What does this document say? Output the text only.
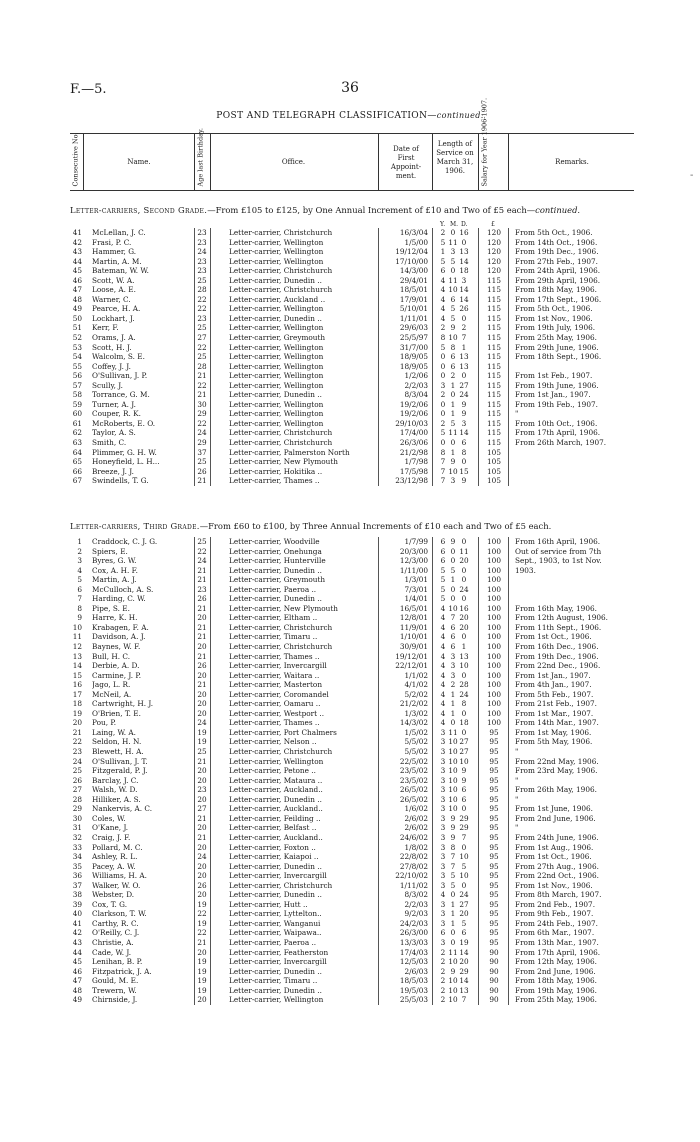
F.—5.	36
POST AND TELEGRAPH CLASSIFICATION—continued.
Consecutive No.	Name.	Age last Birthday.	Office.
Date of First Appoint-ment.
Length of Service on March 31, 1906.	Salary for Year 1906-1907.	Remarks.
Letter-carriers, Second Grade.—From £105 to £125, by One Annual Increment of £10 and Two of £5 each—continued.
Y. M. D.	£
41 McLellan, J. C.	23	Letter-carrier, Christchurch	16/3/04	2 0 16	120	From 5th Oct., 1906.
42 Frasi, P. C.	23	Letter-carrier, Wellington	1/5/00	5 11 0	120	From 14th Oct., 1906.
43 Hammer, G.	24	Letter-carrier, Wellington	19/12/04	1 3 13	120	From 19th Dec., 1906.
44 Martin, A. M.	23	Letter-carrier, Wellington	17/10/00	5 5 14	120	From 27th Feb., 1907.
45 Bateman, W. W.	23	Letter-carrier, Christchurch	14/3/00	6 0 18	120	From 24th April, 1906.
46 Scott, W. A.	25	Letter-carrier, Dunedin ..	29/4/01	4 11 3	115	From 29th April, 1906.
47 Loose, A. E.	28	Letter-carrier, Christchurch	18/5/01	4 10 14	115	From 18th May, 1906.
48 Warner, C.	22	Letter-carrier, Auckland ..	17/9/01	4 6 14	115	From 17th Sept., 1906.
49 Pearce, H. A.	22	Letter-carrier, Wellington	5/10/01	4 5 26	115	From 5th Oct., 1906.
50 Lockhart, J.	23	Letter-carrier, Dunedin ..	1/11/01	4 5 0	115	From 1st Nov., 1906.
51 Kerr, F.	25	Letter-carrier, Wellington	29/6/03	2 9 2	115	From 19th July, 1906.
52 Orams, J. A.	27	Letter-carrier, Greymouth	25/5/97	8 10 7	115	From 25th May, 1906.
53 Scott, H. J.	22	Letter-carrier, Wellington	31/7/00	5 8 1	115	From 29th June, 1906.
54 Walcolm, S. E.	25	Letter-carrier, Wellington	18/9/05	0 6 13	115	From 18th Sept., 1906.
55 Coffey, J. J.	28	Letter-carrier, Wellington	18/9/05	0 6 13	115
56 O'Sullivan, J. P.	21	Letter-carrier, Wellington	1/2/06	0 2 0	115	From 1st Feb., 1907.
57 Scully, J.	22	Letter-carrier, Wellington	2/2/03	3 1 27	115	From 19th June, 1906.
58 Torrance, G. M.	21	Letter-carrier, Dunedin ..	8/3/04	2 0 24	115	From 1st Jan., 1907.
59 Turner, A. J.	30	Letter-carrier, Wellington	19/2/06	0 1 9	115	From 19th Feb., 1907.
60 Couper, R. K.	29	Letter-carrier, Wellington	19/2/06	0 1 9	115	"
61 McRoberts, E. O.	22	Letter-carrier, Wellington	29/10/03	2 5 3	115	From 10th Oct., 1906.
62 Taylor, A. S.	24	Letter-carrier, Christchurch	17/4/00	5 11 14	115	From 17th April, 1906.
63 Smith, C.	29	Letter-carrier, Christchurch	26/3/06	0 0 6	115	From 26th March, 1907.
64 Plimmer, G. H. W.	37	Letter-carrier, Palmerston North	21/2/98	8 1 8	105
65 Honeyfield, L. H...	25	Letter-carrier, New Plymouth	1/7/98	7 9 0	105
66 Breeze, J. J.	26	Letter-carrier, Hokitika ..	17/5/98	7 10 15	105
67 Swindells, T. G.	21	Letter-carrier, Thames ..	23/12/98	7 3 9	105
Letter-carriers, Third Grade.—From £60 to £100, by Three Annual Increments of £10 each and Two of £5 each.
1 Craddock, C. J. G.	25	Letter-carrier, Woodville	1/7/99	6 9 0	100	From 16th April, 1906.
2 Spiers, E.	22	Letter-carrier, Onehunga	20/3/00	6 0 11	100	Out of service from 7th
3 Byres, G. W.	24	Letter-carrier, Hunterville	12/3/00	6 0 20	100	Sept., 1903, to 1st Nov.
4 Cox, A. H. F.	21	Letter-carrier, Dunedin ..	1/11/00	5 5 0	100	1903.
5 Martin, A. J.	21	Letter-carrier, Greymouth	1/3/01	5 1 0	100
6 McCulloch, A. S.	23	Letter-carrier, Paeroa ..	7/3/01	5 0 24	100
7 Harding, C. W.	26	Letter-carrier, Dunedin ..	1/4/01	5 0 0	100
8 Pipe, S. E.	21	Letter-carrier, New Plymouth	16/5/01	4 10 16	100	From 16th May, 1906.
9 Harre, K. H.	20	Letter-carrier, Eltham ..	12/8/01	4 7 20	100	From 12th August, 1906.
10 Krabagen, F. A.	21	Letter-carrier, Christchurch	11/9/01	4 6 20	100	From 11th Sept., 1906.
11 Davidson, A. J.	21	Letter-carrier, Timaru ..	1/10/01	4 6 0	100	From 1st Oct., 1906.
12 Baynes, W. F.	20	Letter-carrier, Christchurch	30/9/01	4 6 1	100	From 16th Dec., 1906.
13 Bull, H. C.	21	Letter-carrier, Thames ..	19/12/01	4 3 13	100	From 19th Dec., 1906.
14 Derbie, A. D.	26	Letter-carrier, Invercargill	22/12/01	4 3 10	100	From 22nd Dec., 1906.
15 Carmine, J. P.	20	Letter-carrier, Waitara ..	1/1/02	4 3 0	100	From 1st Jan., 1907.
16 Jago, L. R.	21	Letter-carrier, Masterton	4/1/02	4 2 28	100	From 4th Jan., 1907.
17 McNeil, A.	20	Letter-carrier, Coromandel	5/2/02	4 1 24	100	From 5th Feb., 1907.
18 Cartwright, H. J.	20	Letter-carrier, Oamaru ..	21/2/02	4 1 8	100	From 21st Feb., 1907.
19 O'Brien, T. E.	20	Letter-carrier, Westport ..	1/3/02	4 1 0	100	From 1st Mar., 1907.
20 Pou, P.	24	Letter-carrier, Thames ..	14/3/02	4 0 18	100	From 14th Mar., 1907.
21 Laing, W. A.	19	Letter-carrier, Port Chalmers	1/5/02	3 11 0	95	From 1st May, 1906.
22 Seldon, H. N.	19	Letter-carrier, Nelson ..	5/5/02	3 10 27	95	From 5th May, 1906.
23 Blewett, H. A.	25	Letter-carrier, Christchurch	5/5/02	3 10 27	95	"
24 O'Sullivan, J. T.	21	Letter-carrier, Wellington	22/5/02	3 10 10	95	From 22nd May, 1906.
25 Fitzgerald, P. J.	20	Letter-carrier, Petone ..	23/5/02	3 10 9	95	From 23rd May, 1906.
26 Barclay, J. C.	20	Letter-carrier, Mataura ..	23/5/02	3 10 9	95	"
27 Walsh, W. D.	23	Letter-carrier, Auckland..	26/5/02	3 10 6	95	From 26th May, 1906.
28 Hilliker, A. S.	20	Letter-carrier, Dunedin ..	26/5/02	3 10 6	95	"
29 Nankervis, A. C.	27	Letter-carrier, Auckland..	1/6/02	3 10 0	95	From 1st June, 1906.
30 Coles, W.	21	Letter-carrier, Feilding ..	2/6/02	3 9 29	95	From 2nd June, 1906.
31 O'Kane, J.	20	Letter-carrier, Belfast ..	2/6/02	3 9 29	95	"
32 Craig, J. F.	21	Letter-carrier, Auckland..	24/6/02	3 9 7	95	From 24th June, 1906.
33 Pollard, M. C.	20	Letter-carrier, Foxton ..	1/8/02	3 8 0	95	From 1st Aug., 1906.
34 Ashley, R. L.	24	Letter-carrier, Kaiapoi ..	22/8/02	3 7 10	95	From 1st Oct., 1906.
35 Pacey, A. W.	20	Letter-carrier, Dunedin ..	27/8/02	3 7 5	95	From 27th Aug., 1906.
36 Williams, H. A.	20	Letter-carrier, Invercargill	22/10/02	3 5 10	95	From 22nd Oct., 1906.
37 Walker, W. O.	26	Letter-carrier, Christchurch	1/11/02	3 5 0	95	From 1st Nov., 1906.
38 Webster, D.	20	Letter-carrier, Dunedin ..	8/3/02	4 0 24	95	From 8th March, 1907.
39 Cox, T. G.	19	Letter-carrier, Hutt ..	2/2/03	3 1 27	95	From 2nd Feb., 1907.
40 Clarkson, T. W.	22	Letter-carrier, Lyttelton..	9/2/03	3 1 20	95	From 9th Feb., 1907.
41 Carthy, R. C.	19	Letter-carrier, Wanganui	24/2/03	3 1 5	95	From 24th Feb., 1907.
42 O'Reilly, C. J.	22	Letter-carrier, Waipawa..	26/3/00	6 0 6	95	From 6th Mar., 1907.
43 Christie, A.	21	Letter-carrier, Paeroa ..	13/3/03	3 0 19	95	From 13th Mar., 1907.
44 Cade, W. J.	20	Letter-carrier, Featherston	17/4/03	2 11 14	90	From 17th April, 1906.
45 Lenihan, B. P.	19	Letter-carrier, Invercargill	12/5/03	2 10 20	90	From 12th May, 1906.
46 Fitzpatrick, J. A.	19	Letter-carrier, Dunedin ..	2/6/03	2 9 29	90	From 2nd June, 1906.
47 Gould, M. E.	19	Letter-carrier, Timaru ..	18/5/03	2 10 14	90	From 18th May, 1906.
48 Trewern, W.	19	Letter-carrier, Dunedin ..	19/5/03	2 10 13	90	From 19th May, 1906.
49 Chirnside, J.	20	Letter-carrier, Wellington	25/5/03	2 10 7	90	From 25th May, 1906.
-
